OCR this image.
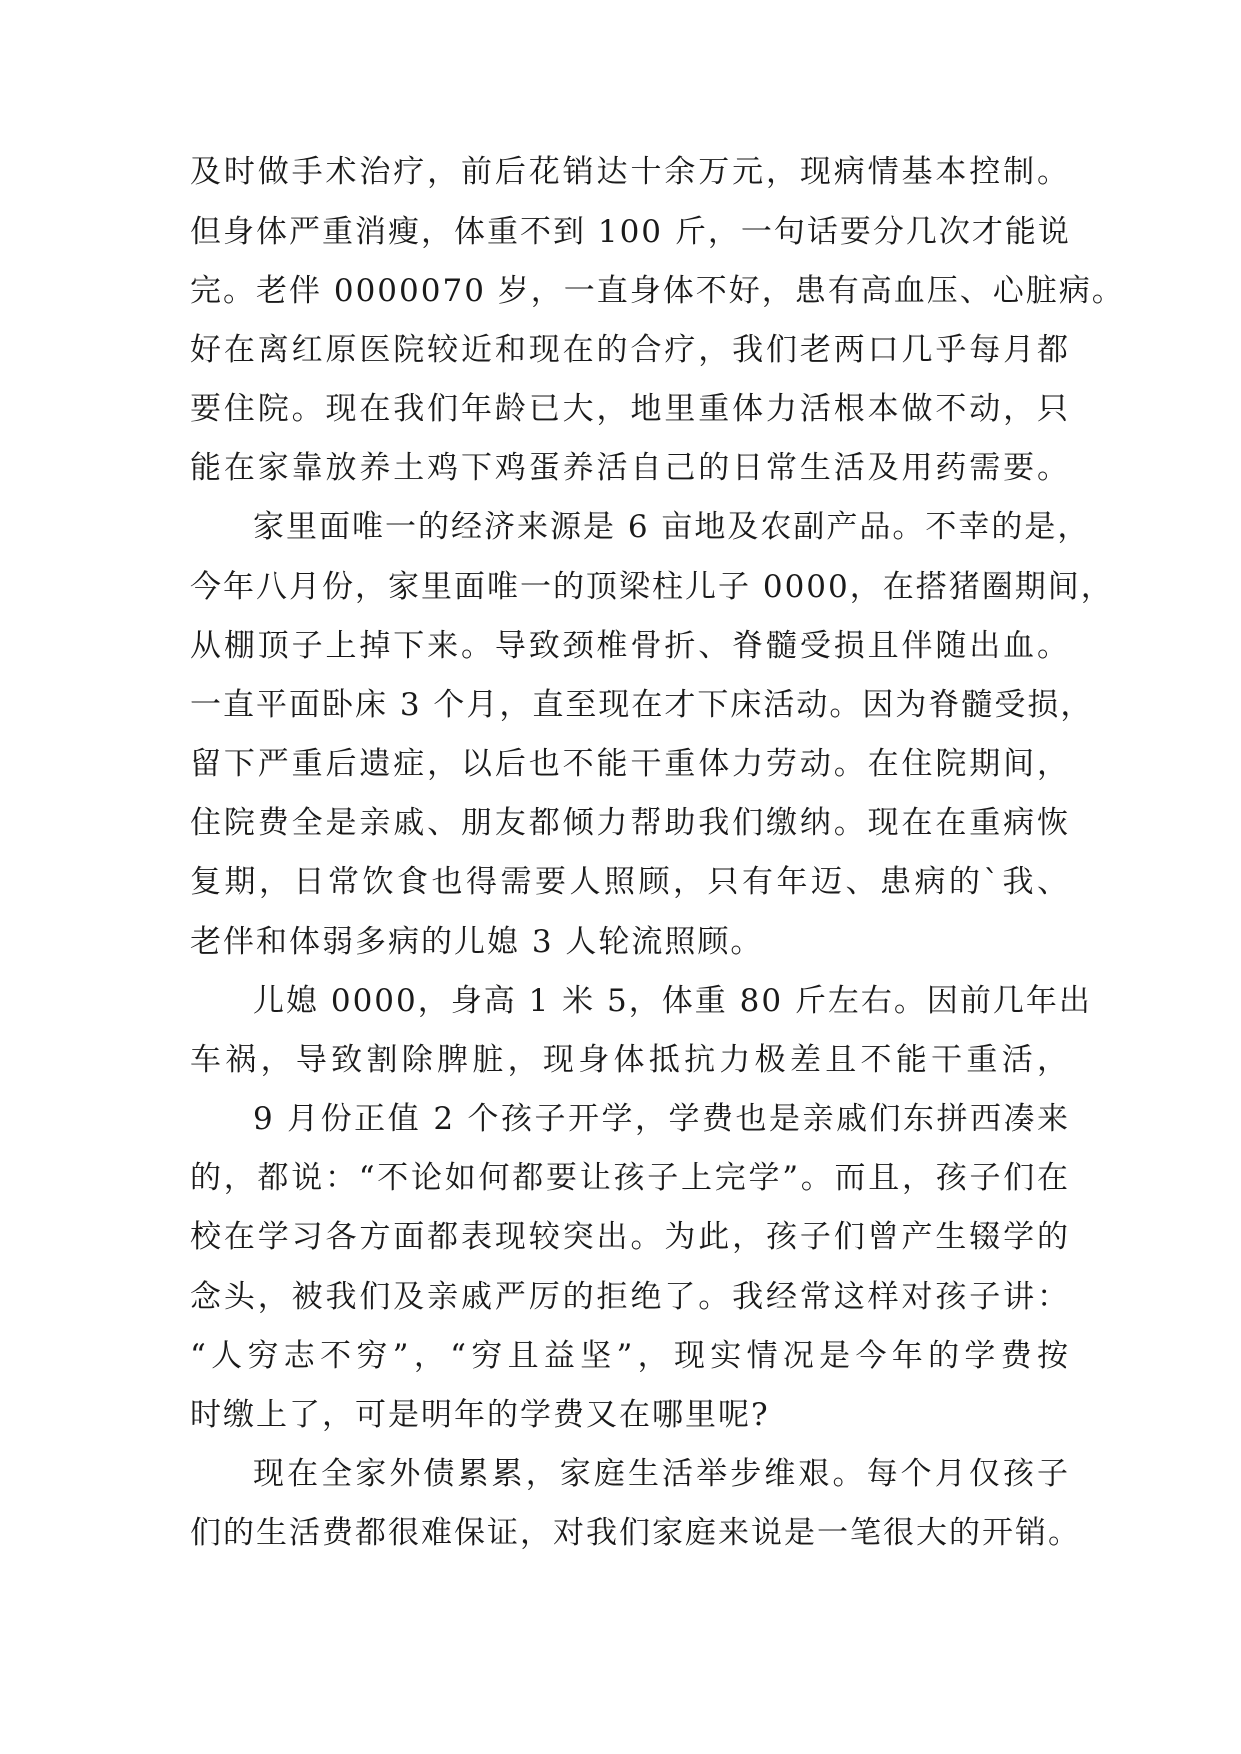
及时做手术治疗，前后花销达十余万元，现病情基本控制。
但身体严重消瘦，体重不到 100 斤，一句话要分几次才能说
完。老伴 0000070 岁，一直身体不好，患有高血压、心脏病。
好在离红原医院较近和现在的合疗，我们老两口几乎每月都
要住院。现在我们年龄已大，地里重体力活根本做不动，只
能在家靠放养土鸡下鸡蛋养活自己的日常生活及用药需要。
家里面唯一的经济来源是 6 亩地及农副产品。不幸的是，
今年八月份，家里面唯一的顶梁柱儿子 0000，在搭猪圈期间，
从棚顶子上掉下来。导致颈椎骨折、脊髓受损且伴随出血。
一直平面卧床 3 个月，直至现在才下床活动。因为脊髓受损，
留下严重后遗症，以后也不能干重体力劳动。在住院期间，
住院费全是亲戚、朋友都倾力帮助我们缴纳。现在在重病恢
复期，日常饮食也得需要人照顾，只有年迈、患病的`我、
老伴和体弱多病的儿媳 3 人轮流照顾。
儿媳 0000，身高 1 米 5，体重 80 斤左右。因前几年出
车祸，导致割除脾脏，现身体抵抗力极差且不能干重活，
9 月份正值 2 个孩子开学，学费也是亲戚们东拼西凑来
的，都说：“不论如何都要让孩子上完学”。而且，孩子们在
校在学习各方面都表现较突出。为此，孩子们曾产生辍学的
念头，被我们及亲戚严厉的拒绝了。我经常这样对孩子讲：
“人穷志不穷”，“穷且益坚”，现实情况是今年的学费按
时缴上了，可是明年的学费又在哪里呢?
现在全家外债累累，家庭生活举步维艰。每个月仅孩子
们的生活费都很难保证，对我们家庭来说是一笔很大的开销。
